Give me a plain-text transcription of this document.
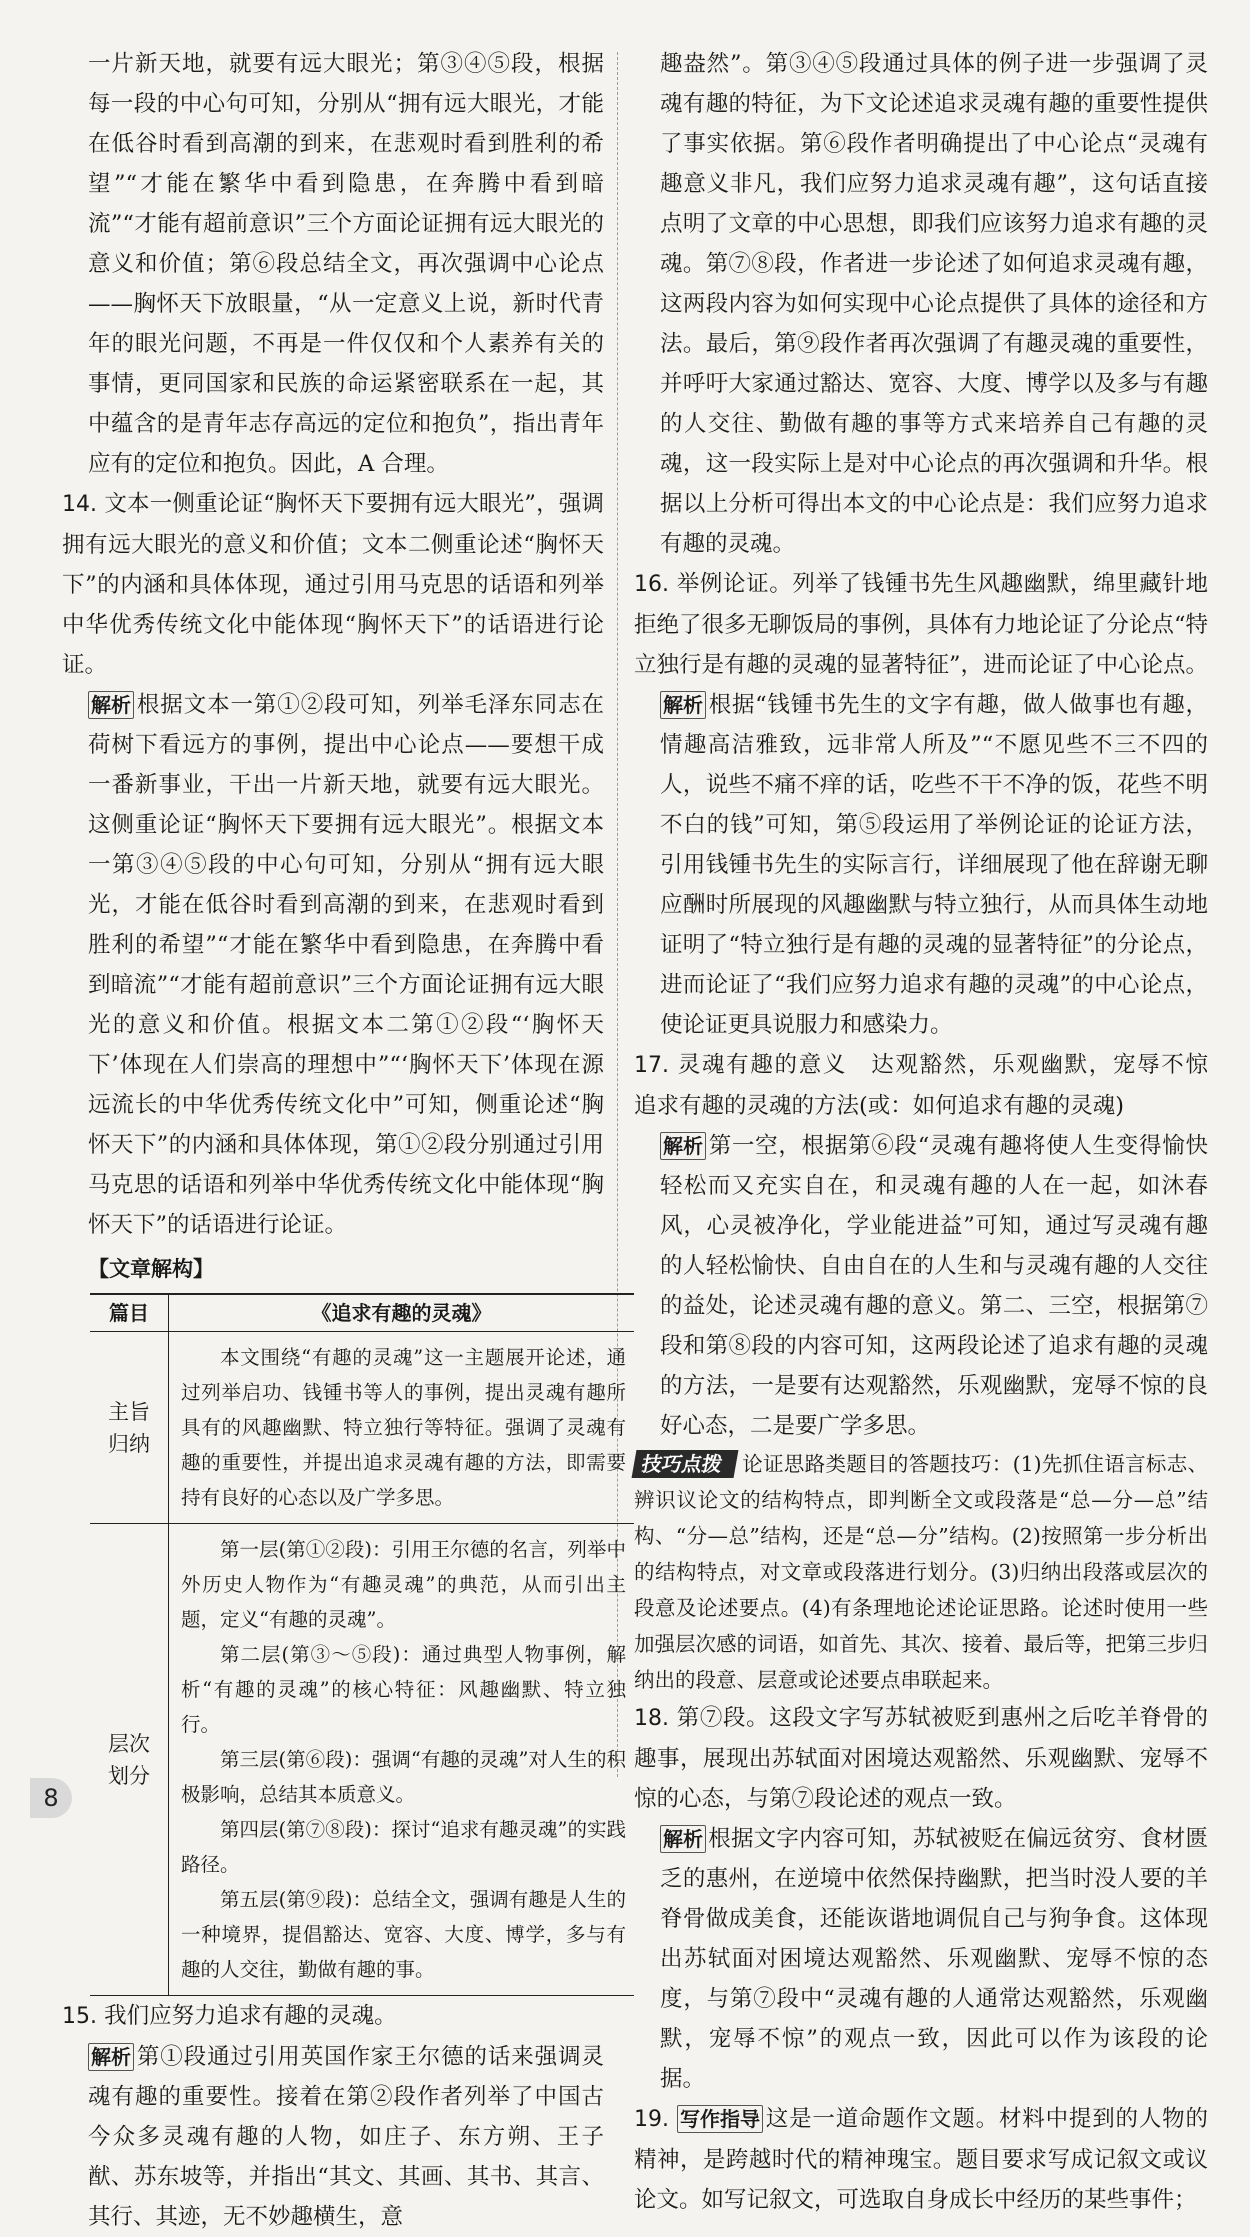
一片新天地，就要有远大眼光；第③④⑤段，根据每一段的中心句可知，分别从“拥有远大眼光，才能在低谷时看到高潮的到来，在悲观时看到胜利的希望”“才能在繁华中看到隐患，在奔腾中看到暗流”“才能有超前意识”三个方面论证拥有远大眼光的意义和价值；第⑥段总结全文，再次强调中心论点——胸怀天下放眼量，“从一定意义上说，新时代青年的眼光问题，不再是一件仅仅和个人素养有关的事情，更同国家和民族的命运紧密联系在一起，其中蕴含的是青年志存高远的定位和抱负”，指出青年应有的定位和抱负。因此，A 合理。

14. 文本一侧重论证“胸怀天下要拥有远大眼光”，强调拥有远大眼光的意义和价值；文本二侧重论述“胸怀天下”的内涵和具体体现，通过引用马克思的话语和列举中华优秀传统文化中能体现“胸怀天下”的话语进行论证。

解析 根据文本一第①②段可知，列举毛泽东同志在荷树下看远方的事例，提出中心论点——要想干成一番新事业，干出一片新天地，就要有远大眼光。这侧重论证“胸怀天下要拥有远大眼光”。根据文本一第③④⑤段的中心句可知，分别从“拥有远大眼光，才能在低谷时看到高潮的到来，在悲观时看到胜利的希望”“才能在繁华中看到隐患，在奔腾中看到暗流”“才能有超前意识”三个方面论证拥有远大眼光的意义和价值。根据文本二第①②段“‘胸怀天下’体现在人们崇高的理想中”“‘胸怀天下’体现在源远流长的中华优秀传统文化中”可知，侧重论述“胸怀天下”的内涵和具体体现，第①②段分别通过引用马克思的话语和列举中华优秀传统文化中能体现“胸怀天下”的话语进行论证。

【文章解构】
篇目	《追求有趣的灵魂》
主旨归纳	本文围绕“有趣的灵魂”这一主题展开论述，通过列举启功、钱锺书等人的事例，提出灵魂有趣所具有的风趣幽默、特立独行等特征。强调了灵魂有趣的重要性，并提出追求灵魂有趣的方法，即需要持有良好的心态以及广学多思。

层次划分	第一层(第①②段)：引用王尔德的名言，列举中外历史人物作为“有趣灵魂”的典范，从而引出主题，定义“有趣的灵魂”。

第二层(第③～⑤段)：通过典型人物事例，解析“有趣的灵魂”的核心特征：风趣幽默、特立独行。

第三层(第⑥段)：强调“有趣的灵魂”对人生的积极影响，总结其本质意义。

第四层(第⑦⑧段)：探讨“追求有趣灵魂”的实践路径。

第五层(第⑨段)：总结全文，强调有趣是人生的一种境界，提倡豁达、宽容、大度、博学，多与有趣的人交往，勤做有趣的事。

15. 我们应努力追求有趣的灵魂。

解析 第①段通过引用英国作家王尔德的话来强调灵魂有趣的重要性。接着在第②段作者列举了中国古今众多灵魂有趣的人物，如庄子、东方朔、王子猷、苏东坡等，并指出“其文、其画、其书、其言、其行、其迹，无不妙趣横生，意

趣盎然”。第③④⑤段通过具体的例子进一步强调了灵魂有趣的特征，为下文论述追求灵魂有趣的重要性提供了事实依据。第⑥段作者明确提出了中心论点“灵魂有趣意义非凡，我们应努力追求灵魂有趣”，这句话直接点明了文章的中心思想，即我们应该努力追求有趣的灵魂。第⑦⑧段，作者进一步论述了如何追求灵魂有趣，这两段内容为如何实现中心论点提供了具体的途径和方法。最后，第⑨段作者再次强调了有趣灵魂的重要性，并呼吁大家通过豁达、宽容、大度、博学以及多与有趣的人交往、勤做有趣的事等方式来培养自己有趣的灵魂，这一段实际上是对中心论点的再次强调和升华。根据以上分析可得出本文的中心论点是：我们应努力追求有趣的灵魂。

16. 举例论证。列举了钱锺书先生风趣幽默，绵里藏针地拒绝了很多无聊饭局的事例，具体有力地论证了分论点“特立独行是有趣的灵魂的显著特征”，进而论证了中心论点。

解析 根据“钱锺书先生的文字有趣，做人做事也有趣，情趣高洁雅致，远非常人所及”“不愿见些不三不四的人，说些不痛不痒的话，吃些不干不净的饭，花些不明不白的钱”可知，第⑤段运用了举例论证的论证方法，引用钱锺书先生的实际言行，详细展现了他在辞谢无聊应酬时所展现的风趣幽默与特立独行，从而具体生动地证明了“特立独行是有趣的灵魂的显著特征”的分论点，进而论证了“我们应努力追求有趣的灵魂”的中心论点，使论证更具说服力和感染力。

17. 灵魂有趣的意义　达观豁然，乐观幽默，宠辱不惊　追求有趣的灵魂的方法(或：如何追求有趣的灵魂)

解析 第一空，根据第⑥段“灵魂有趣将使人生变得愉快轻松而又充实自在，和灵魂有趣的人在一起，如沐春风，心灵被净化，学业能进益”可知，通过写灵魂有趣的人轻松愉快、自由自在的人生和与灵魂有趣的人交往的益处，论述灵魂有趣的意义。第二、三空，根据第⑦段和第⑧段的内容可知，这两段论述了追求有趣的灵魂的方法，一是要有达观豁然，乐观幽默，宠辱不惊的良好心态，二是要广学多思。

技巧点拨 论证思路类题目的答题技巧：(1)先抓住语言标志、辨识议论文的结构特点，即判断全文或段落是“总—分—总”结构、“分—总”结构，还是“总—分”结构。(2)按照第一步分析出的结构特点，对文章或段落进行划分。(3)归纳出段落或层次的段意及论述要点。(4)有条理地论述论证思路。论述时使用一些加强层次感的词语，如首先、其次、接着、最后等，把第三步归纳出的段意、层意或论述要点串联起来。

18. 第⑦段。这段文字写苏轼被贬到惠州之后吃羊脊骨的趣事，展现出苏轼面对困境达观豁然、乐观幽默、宠辱不惊的心态，与第⑦段论述的观点一致。

解析 根据文字内容可知，苏轼被贬在偏远贫穷、食材匮乏的惠州，在逆境中依然保持幽默，把当时没人要的羊脊骨做成美食，还能诙谐地调侃自己与狗争食。这体现出苏轼面对困境达观豁然、乐观幽默、宠辱不惊的态度，与第⑦段中“灵魂有趣的人通常达观豁然，乐观幽默，宠辱不惊”的观点一致，因此可以作为该段的论据。

19. 写作指导 这是一道命题作文题。材料中提到的人物的精神，是跨越时代的精神瑰宝。题目要求写成记叙文或议论文。如写记叙文，可选取自身成长中经历的某些事件；

8
